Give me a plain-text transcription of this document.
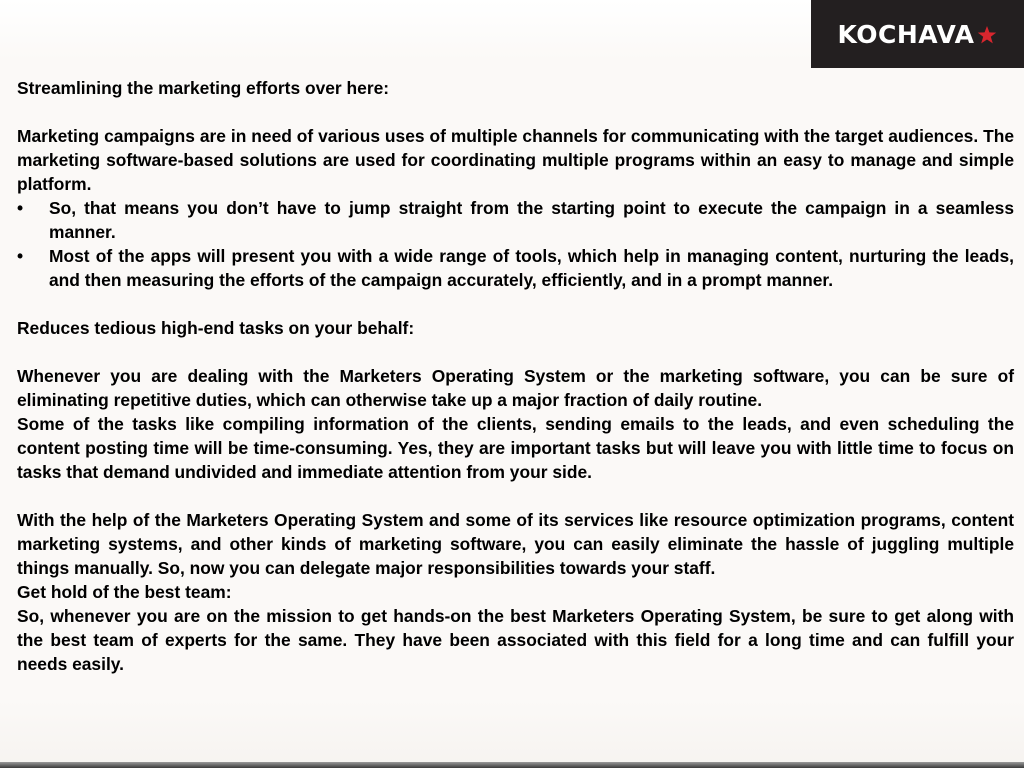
KOCHAVA

Streamlining the marketing efforts over here:

Marketing campaigns are in need of various uses of multiple channels for communicating with the target audiences. The marketing software-based solutions are used for coordinating multiple programs within an easy to manage and simple platform.

• So, that means you don’t have to jump straight from the starting point to execute the campaign in a seamless manner.
• Most of the apps will present you with a wide range of tools, which help in managing content, nurturing the leads, and then measuring the efforts of the campaign accurately, efficiently, and in a prompt manner.

Reduces tedious high-end tasks on your behalf:

Whenever you are dealing with the Marketers Operating System or the marketing software, you can be sure of eliminating repetitive duties, which can otherwise take up a major fraction of daily routine.

Some of the tasks like compiling information of the clients, sending emails to the leads, and even scheduling the content posting time will be time-consuming. Yes, they are important tasks but will leave you with little time to focus on tasks that demand undivided and immediate attention from your side.

With the help of the Marketers Operating System and some of its services like resource optimization programs, content marketing systems, and other kinds of marketing software, you can easily eliminate the hassle of juggling multiple things manually. So, now you can delegate major responsibilities towards your staff.

Get hold of the best team:

So, whenever you are on the mission to get hands-on the best Marketers Operating System, be sure to get along with the best team of experts for the same. They have been associated with this field for a long time and can fulfill your needs easily.
